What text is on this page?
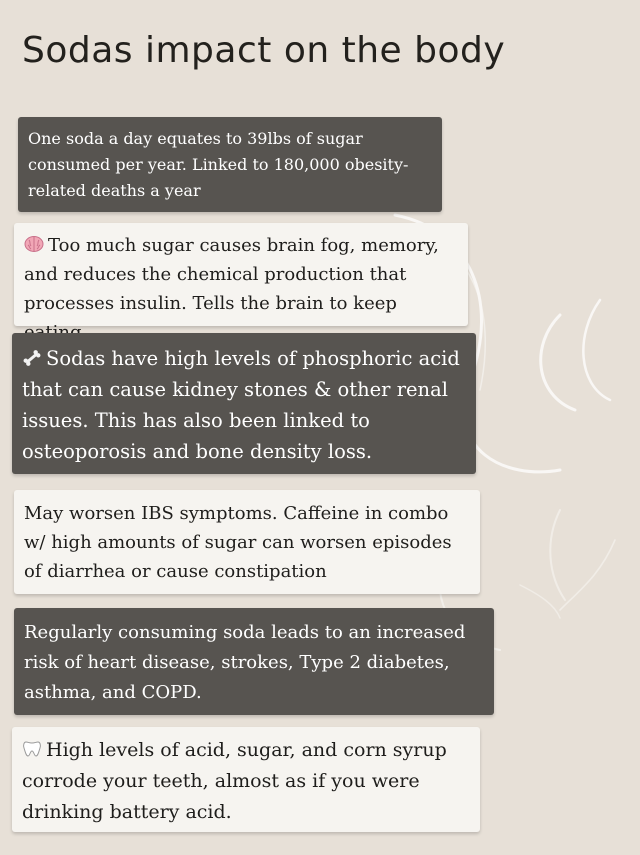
Sodas impact on the body
One soda a day equates to 39lbs of sugar consumed per year. Linked to 180,000 obesity-related deaths a year
Too much sugar causes brain fog, memory, and reduces the chemical production that processes insulin. Tells the brain to keep
Sodas have high levels of phosphoric acid that can cause kidney stones & other renal issues. This has also been linked to osteoporosis and bone density loss.
May worsen IBS symptoms. Caffeine in combo w/ high amounts of sugar can worsen episodes of diarrhea or cause constipation
Regularly consuming soda leads to an increased risk of heart disease, strokes, Type 2 diabetes, asthma, and COPD.
High levels of acid, sugar, and corn syrup corrode your teeth, almost as if you were drinking battery acid.
